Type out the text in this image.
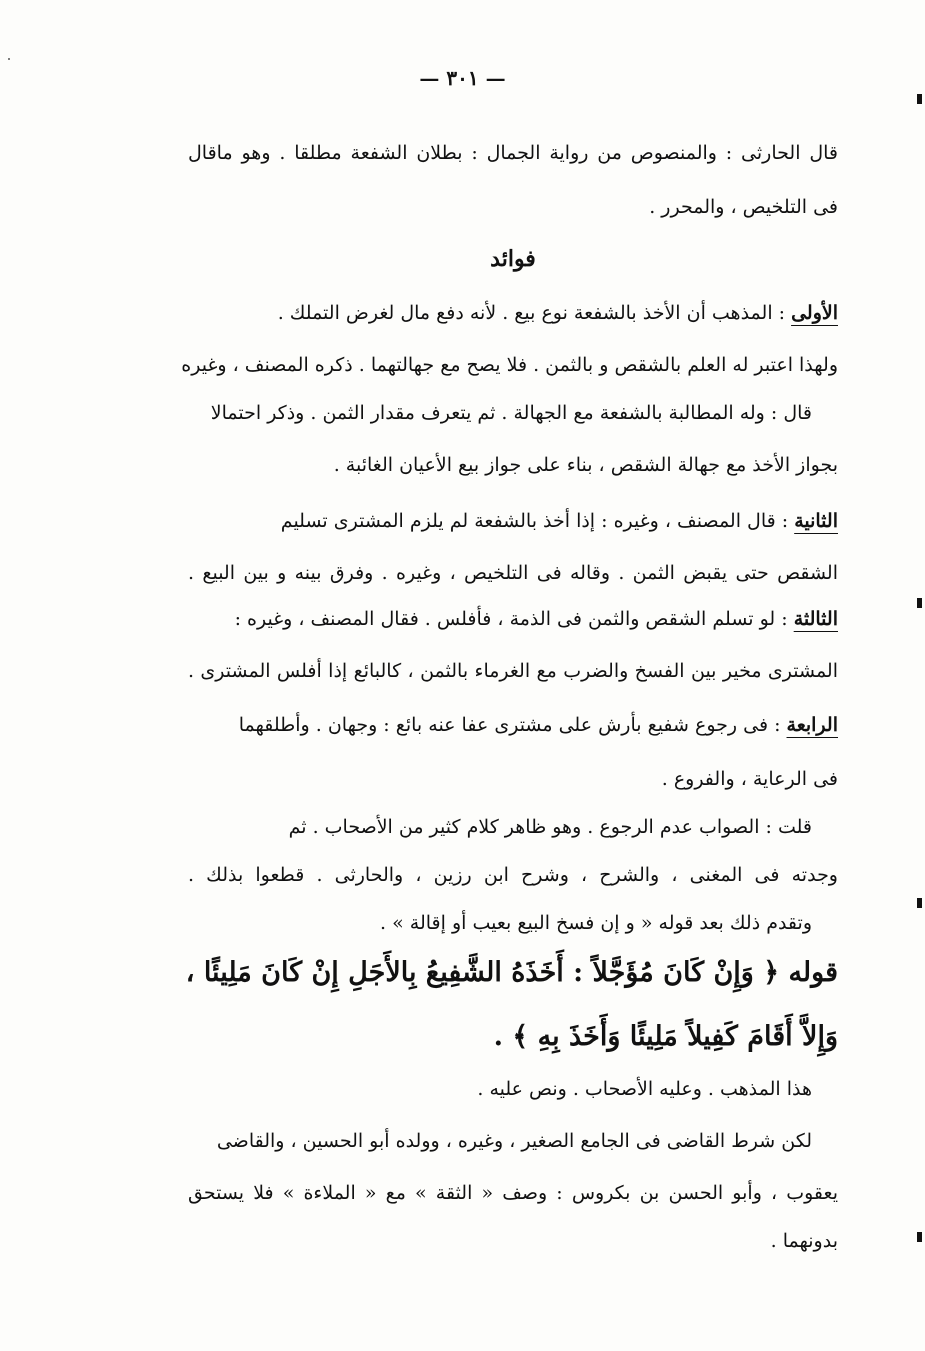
— ٣٠١ —
قال الحارثى : والمنصوص من رواية الجمال : بطلان الشفعة مطلقا . وهو ماقال
فى التلخيص ، والمحرر .
فوائد
الأولى : المذهب أن الأخذ بالشفعة نوع بيع . لأنه دفع مال لغرض التملك .
ولهذا اعتبر له العلم بالشقص و بالثمن . فلا يصح مع جهالتهما . ذكره المصنف ، وغيره
قال : وله المطالبة بالشفعة مع الجهالة . ثم يتعرف مقدار الثمن . وذكر احتمالا
بجواز الأخذ مع جهالة الشقص ، بناء على جواز بيع الأعيان الغائبة .
الثانية : قال المصنف ، وغيره : إذا أخذ بالشفعة لم يلزم المشترى تسليم
الشقص حتى يقبض الثمن . وقاله فى التلخيص ، وغيره . وفرق بينه و بين البيع .
الثالثة : لو تسلم الشقص والثمن فى الذمة ، فأفلس . فقال المصنف ، وغيره :
المشترى مخير بين الفسخ والضرب مع الغرماء بالثمن ، كالبائع إذا أفلس المشترى .
الرابعة : فى رجوع شفيع بأرش على مشترى عفا عنه بائع : وجهان . وأطلقهما
فى الرعاية ، والفروع .
قلت : الصواب عدم الرجوع . وهو ظاهر كلام كثير من الأصحاب . ثم
وجدته فى المغنى ، والشرح ، وشرح ابن رزين ، والحارثى . قطعوا بذلك .
وتقدم ذلك بعد قوله « و إن فسخ البيع بعيب أو إقالة » .
قوله ﴿ وَإِنْ كَانَ مُؤَجَّلاً : أَخَذَهُ الشَّفِيعُ بِالأَجَلِ إِنْ كَانَ مَلِيئًا ،
وَإِلاَّ أَقَامَ كَفِيلاً مَلِيئًا وَأَخَذَ بِهِ ﴾ .
هذا المذهب . وعليه الأصحاب . ونص عليه .
لكن شرط القاضى فى الجامع الصغير ، وغيره ، وولده أبو الحسين ، والقاضى
يعقوب ، وأبو الحسن بن بكروس : وصف « الثقة » مع « الملاءة » فلا يستحق
بدونهما .
